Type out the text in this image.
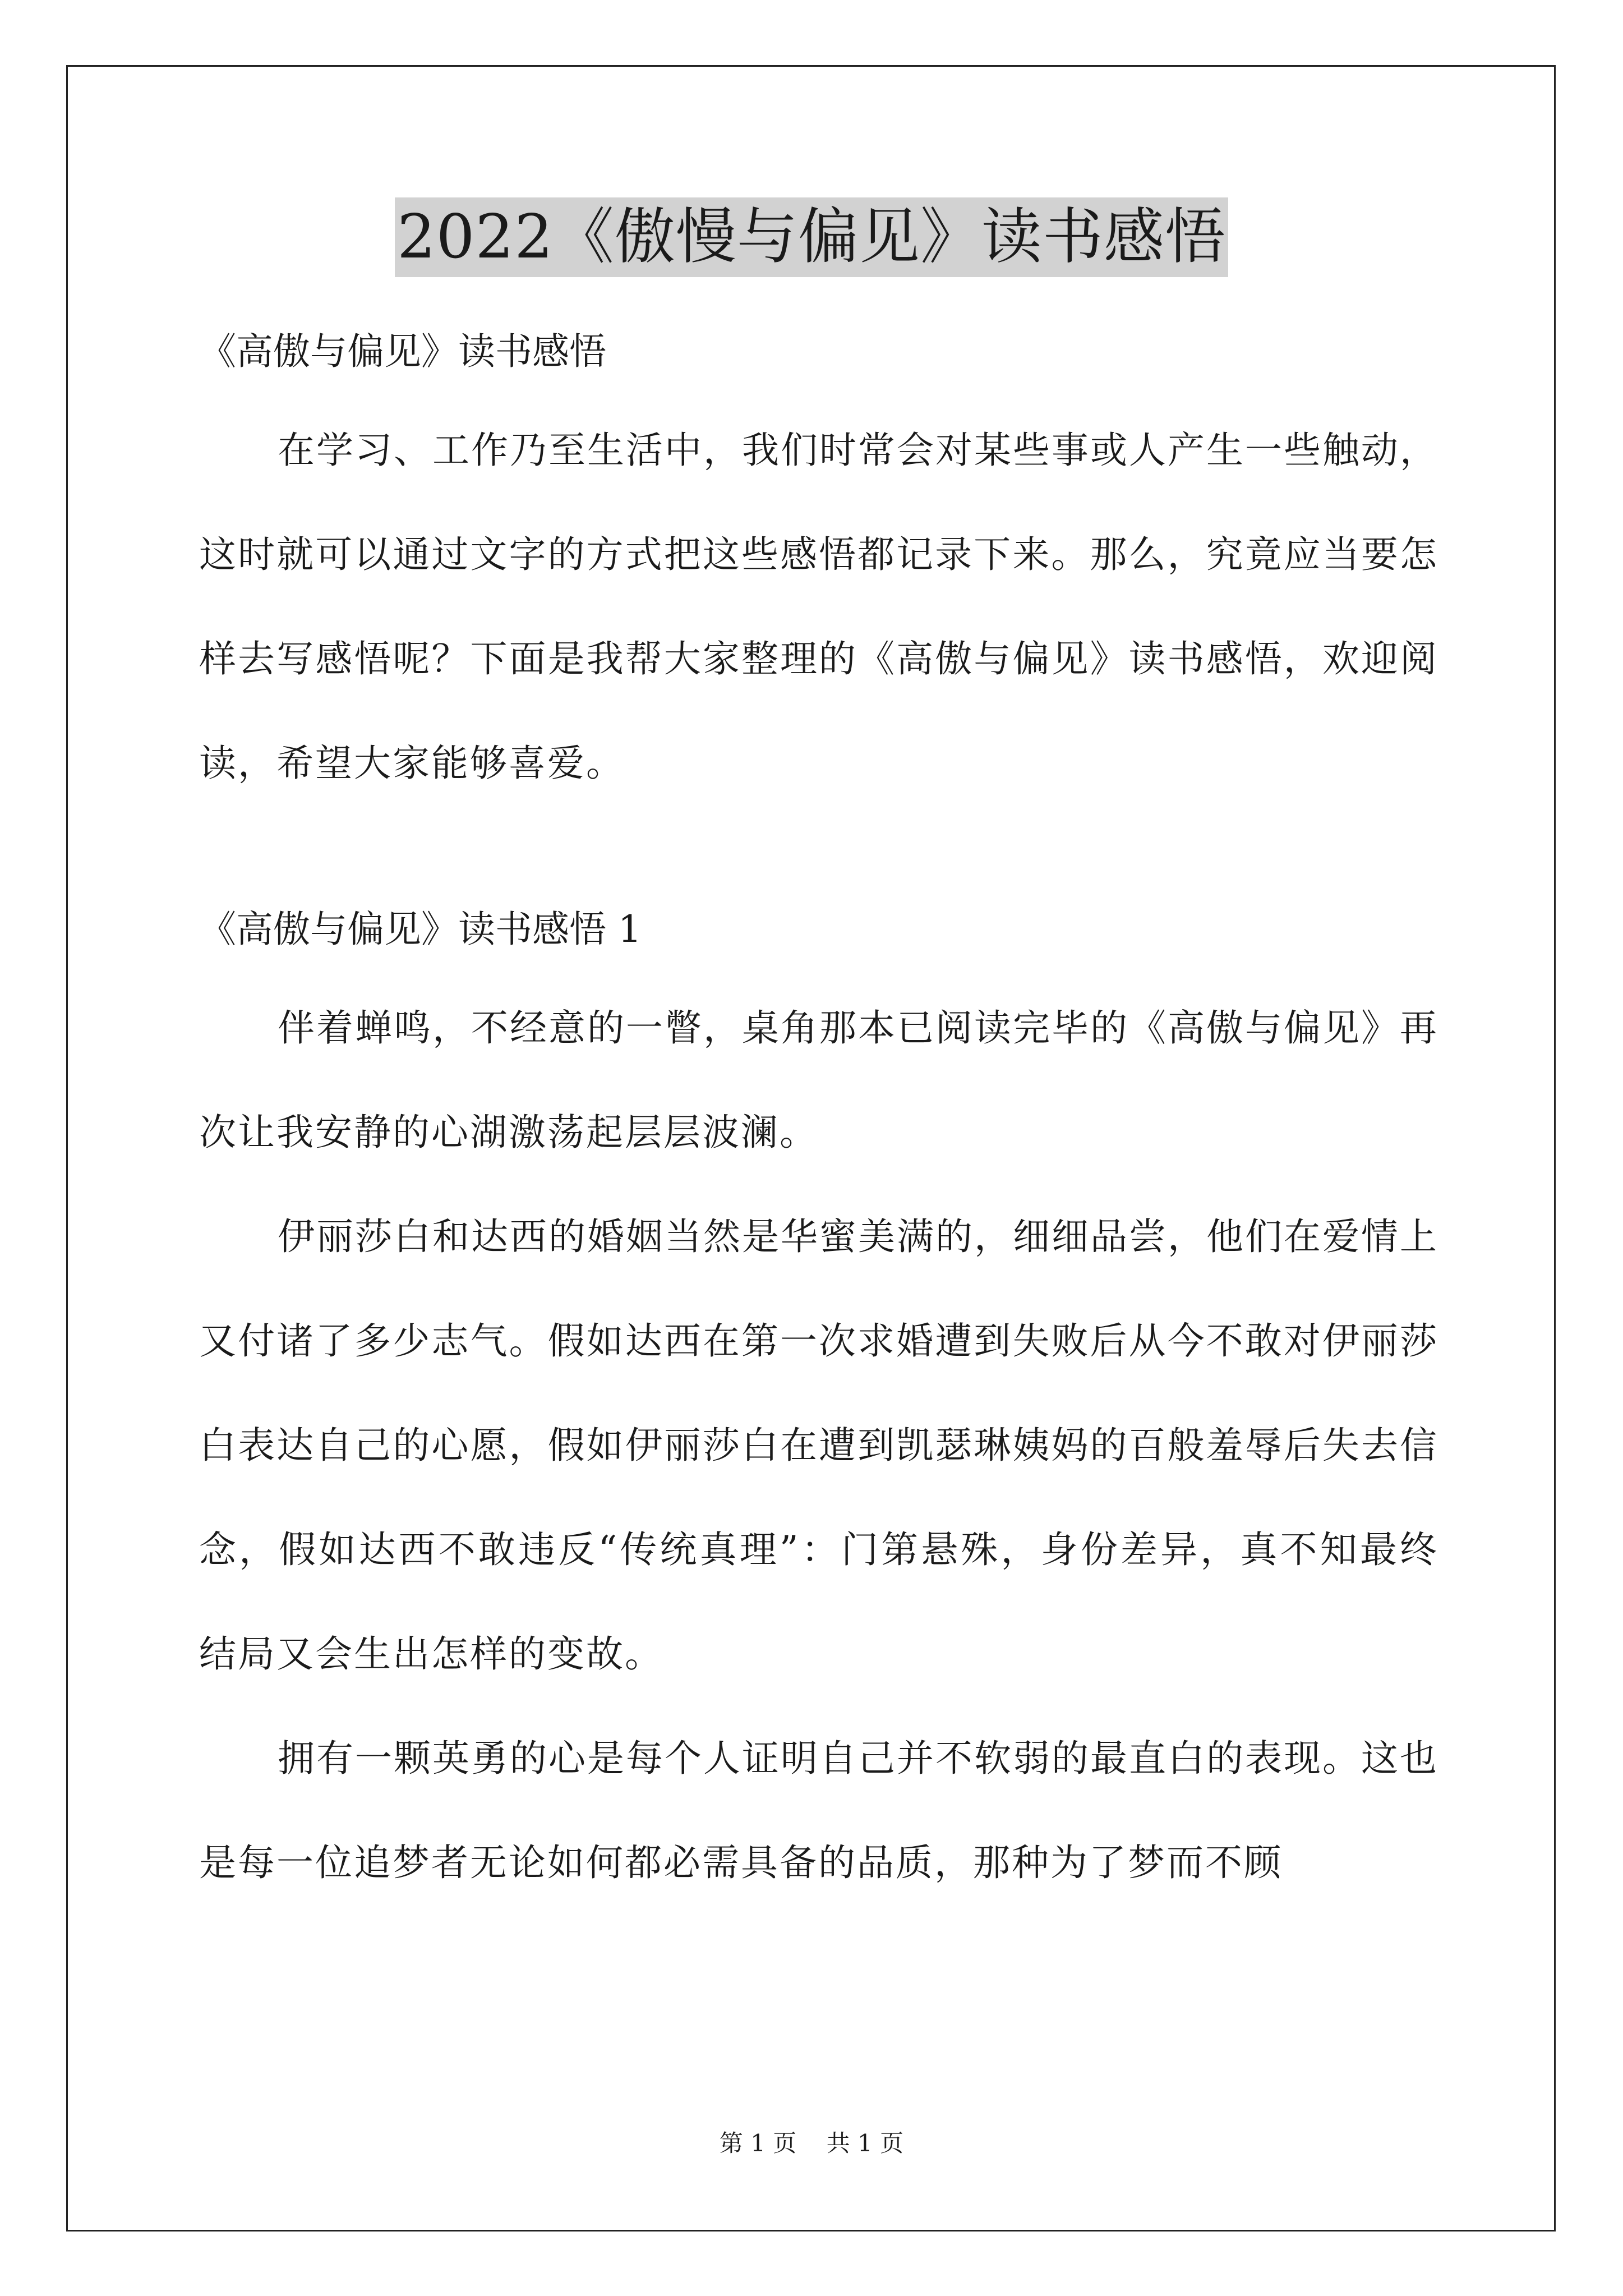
2022《傲慢与偏见》读书感悟

《高傲与偏见》读书感悟

在学习、工作乃至生活中，我们时常会对某些事或人产生一些触动，这时就可以通过文字的方式把这些感悟都记录下来。那么，究竟应当要怎样去写感悟呢？下面是我帮大家整理的《高傲与偏见》读书感悟，欢迎阅读，希望大家能够喜爱。

《高傲与偏见》读书感悟 1

伴着蝉鸣，不经意的一瞥，桌角那本已阅读完毕的《高傲与偏见》再次让我安静的心湖激荡起层层波澜。

伊丽莎白和达西的婚姻当然是华蜜美满的，细细品尝，他们在爱情上又付诸了多少志气。假如达西在第一次求婚遭到失败后从今不敢对伊丽莎白表达自己的心愿，假如伊丽莎白在遭到凯瑟琳姨妈的百般羞辱后失去信念，假如达西不敢违反“传统真理”：门第悬殊，身份差异，真不知最终结局又会生出怎样的变故。

拥有一颗英勇的心是每个人证明自己并不软弱的最直白的表现。这也是每一位追梦者无论如何都必需具备的品质，那种为了梦而不顾

第 1 页    共 1 页
